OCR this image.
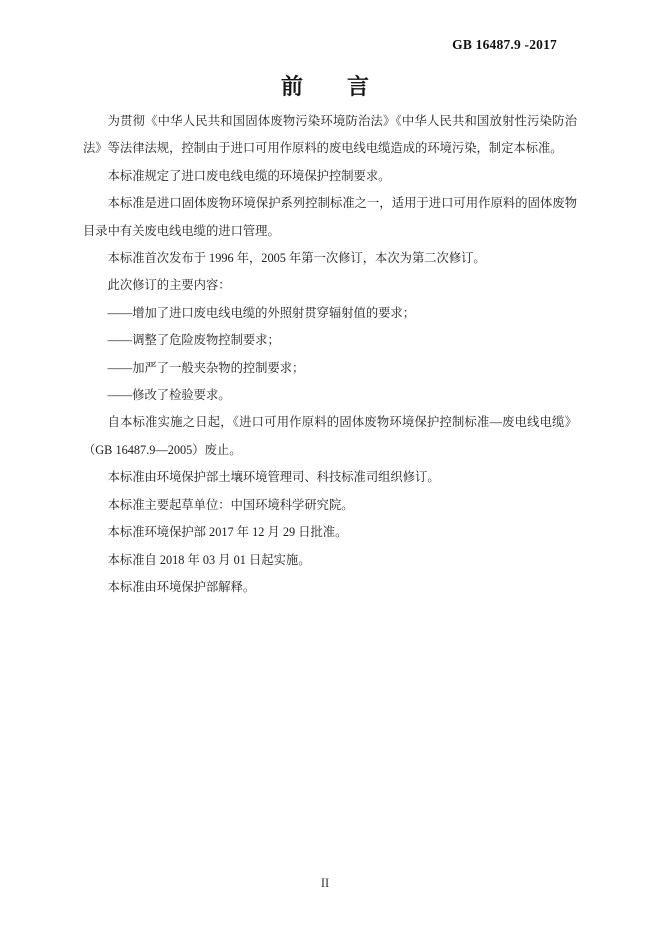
GB 16487.9 -2017
前　　言

为贯彻《中华人民共和国固体废物污染环境防治法》《中华人民共和国放射性污染防治法》等法律法规，控制由于进口可用作原料的废电线电缆造成的环境污染，制定本标准。

本标准规定了进口废电线电缆的环境保护控制要求。

本标准是进口固体废物环境保护系列控制标准之一，适用于进口可用作原料的固体废物目录中有关废电线电缆的进口管理。

本标准首次发布于 1996 年，2005 年第一次修订，本次为第二次修订。

此次修订的主要内容：

——增加了进口废电线电缆的外照射贯穿辐射值的要求；

——调整了危险废物控制要求；

——加严了一般夹杂物的控制要求；

——修改了检验要求。

自本标准实施之日起，《进口可用作原料的固体废物环境保护控制标准—废电线电缆》（GB 16487.9—2005）废止。

本标准由环境保护部土壤环境管理司、科技标准司组织修订。

本标准主要起草单位：中国环境科学研究院。

本标准环境保护部 2017 年 12 月 29 日批准。

本标准自 2018 年 03 月 01 日起实施。

本标准由环境保护部解释。

II
